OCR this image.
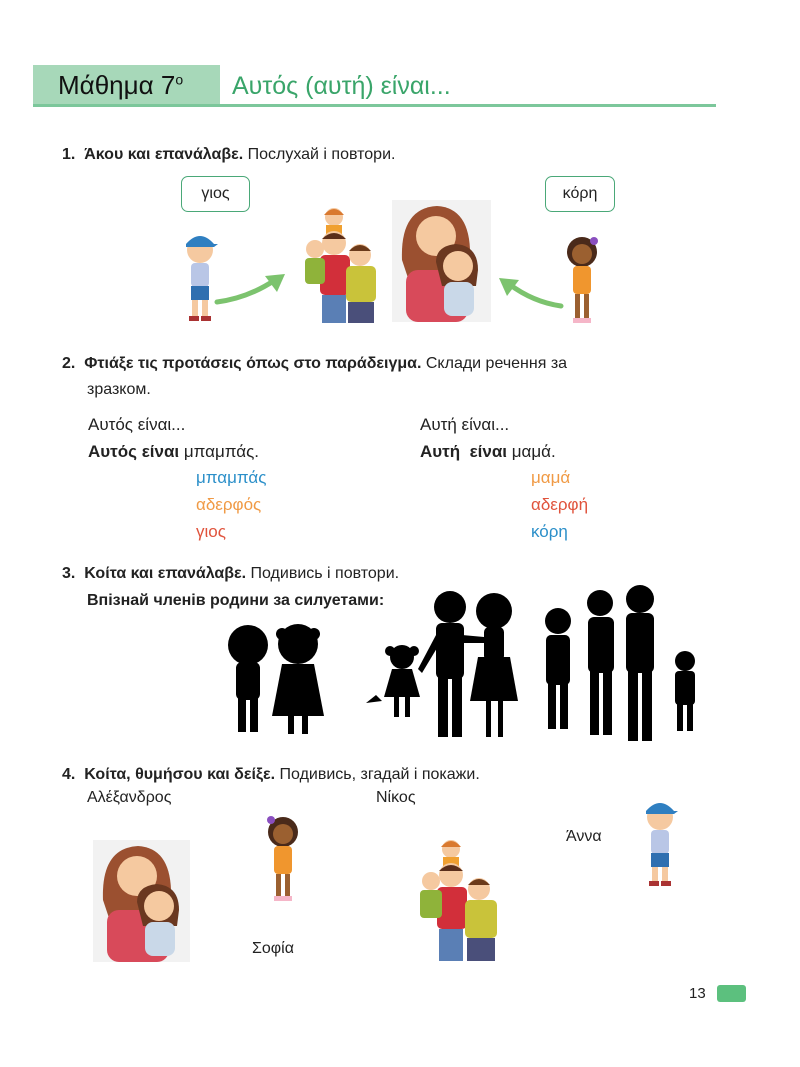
Μάθημα $7^o$ Αυτός (αυτή) είναι...
1. Άκου και επανάλαβε. Послухай і повтори.
γιος	κόρη
2. Φτιάξε τις προτάσεις όπως στο παράδειγμα. Склади речення за
зразком.
Αυτός είναι...
Αυτός είναι μπαμπάς.
μπαμπάς
αδερφός
γιος
Αυτή είναι...
Αυτή  είναι μαμά.
μαμά
αδερφή
κόρη
3. Κοίτα και επανάλαβε. Подивись і повтори.
Впізнай членів родини за силуетами:
4. Κοίτα, θυμήσου και δείξε. Подивись, згадай і покажи.
Αλέξανδρος	Νίκος
Άννα
Σοφία
13
